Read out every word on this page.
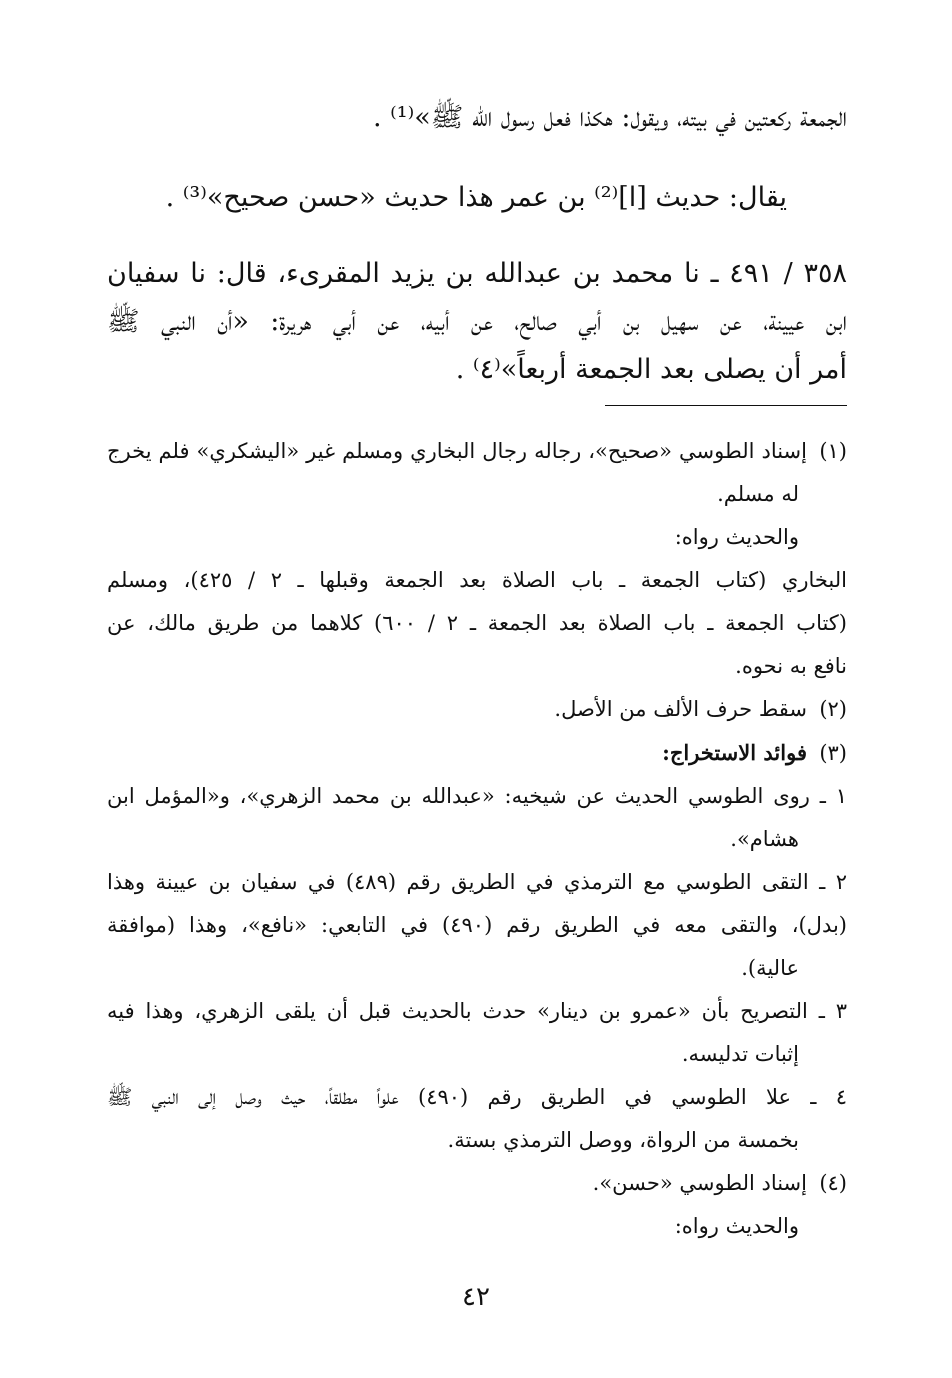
الجمعة ركعتين في بيته، ويقول: هكذا فعل رسول الله ﷺ»⁽¹⁾ .
يقال: حديث [ا]⁽²⁾ بن عمر هذا حديث «حسن صحيح»⁽³⁾ .
٣٥٨ / ٤٩١ ـ نا محمد بن عبدالله بن يزيد المقرىء، قال: نا سفيان
ابن عيينة، عن سهيل بن أبي صالح، عن أبيه، عن أبي هريرة: «أن النبي ﷺ
أمر أن يصلى بعد الجمعة أربعاً»⁽٤⁾ .
(١)إسناد الطوسي «صحيح»، رجاله رجال البخاري ومسلم غير «اليشكري» فلم يخرج
له مسلم.
والحديث رواه:
البخاري (كتاب الجمعة ـ باب الصلاة بعد الجمعة وقبلها ـ ٢ / ٤٢٥)، ومسلم
(كتاب الجمعة ـ باب الصلاة بعد الجمعة ـ ٢ / ٦٠٠) كلاهما من طريق مالك، عن
نافع به نحوه.
(٢)سقط حرف الألف من الأصل.
(٣)فوائد الاستخراج:
١ ـ روى الطوسي الحديث عن شيخيه: «عبدالله بن محمد الزهري»، و«المؤمل ابن
هشام».
٢ ـ التقى الطوسي مع الترمذي في الطريق رقم (٤٨٩) في سفيان بن عيينة وهذا
(بدل)، والتقى معه في الطريق رقم (٤٩٠) في التابعي: «نافع»، وهذا (موافقة
عالية).
٣ ـ التصريح بأن «عمرو بن دينار» حدث بالحديث قبل أن يلقى الزهري، وهذا فيه
إثبات تدليسه.
٤ ـ علا الطوسي في الطريق رقم (٤٩٠) علواً مطلقاً، حيث وصل إلى النبي ﷺ
بخمسة من الرواة، ووصل الترمذي بستة.
(٤)إسناد الطوسي «حسن».
والحديث رواه:
٤٢
